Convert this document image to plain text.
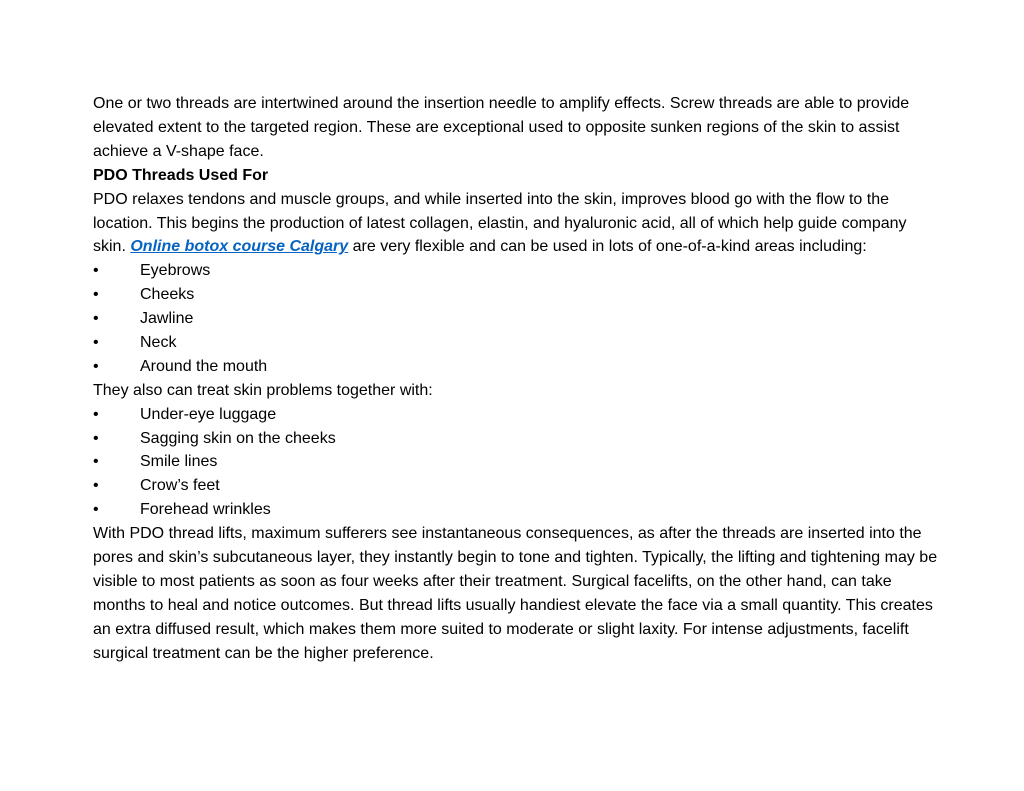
One or two threads are intertwined around the insertion needle to amplify effects. Screw threads are able to provide elevated extent to the targeted region. These are exceptional used to opposite sunken regions of the skin to assist achieve a V-shape face.

PDO Threads Used For

PDO relaxes tendons and muscle groups, and while inserted into the skin, improves blood go with the flow to the location. This begins the production of latest collagen, elastin, and hyaluronic acid, all of which help guide company skin. Online botox course Calgary are very flexible and can be used in lots of one-of-a-kind areas including:

•	Eyebrows
•	Cheeks
•	Jawline
•	Neck
•	Around the mouth

They also can treat skin problems together with:

•	Under-eye luggage
•	Sagging skin on the cheeks
•	Smile lines
•	Crow’s feet
•	Forehead wrinkles

With PDO thread lifts, maximum sufferers see instantaneous consequences, as after the threads are inserted into the pores and skin’s subcutaneous layer, they instantly begin to tone and tighten. Typically, the lifting and tightening may be visible to most patients as soon as four weeks after their treatment. Surgical facelifts, on the other hand, can take months to heal and notice outcomes. But thread lifts usually handiest elevate the face via a small quantity. This creates an extra diffused result, which makes them more suited to moderate or slight laxity. For intense adjustments, facelift surgical treatment can be the higher preference.
